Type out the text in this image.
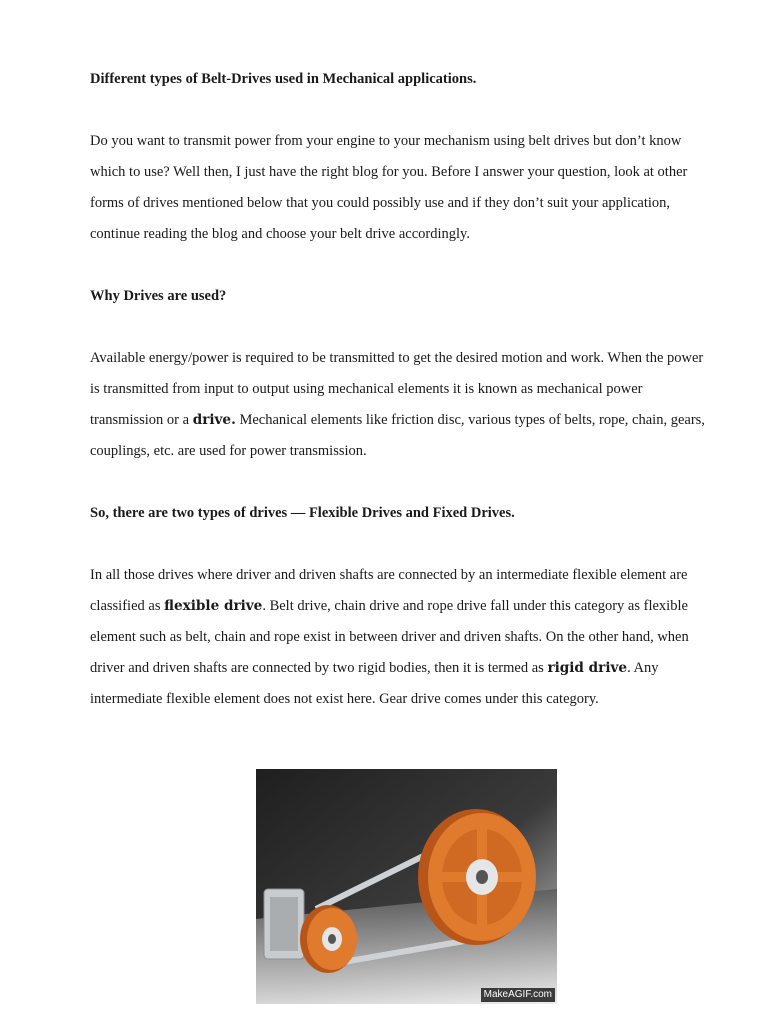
Different types of Belt-Drives used in Mechanical applications.
Do you want to transmit power from your engine to your mechanism using belt drives but don’t know
which to use? Well then, I just have the right blog for you. Before I answer your question, look at other
forms of drives mentioned below that you could possibly use and if they don’t suit your application,
continue reading the blog and choose your belt drive accordingly.
Why Drives are used?
Available energy/power is required to be transmitted to get the desired motion and work. When the power
is transmitted from input to output using mechanical elements it is known as mechanical power
transmission or a drive. Mechanical elements like friction disc, various types of belts, rope, chain, gears,
couplings, etc. are used for power transmission.
So, there are two types of drives — Flexible Drives and Fixed Drives.
In all those drives where driver and driven shafts are connected by an intermediate flexible element are
classified as flexible drive. Belt drive, chain drive and rope drive fall under this category as flexible
element such as belt, chain and rope exist in between driver and driven shafts. On the other hand, when
driver and driven shafts are connected by two rigid bodies, then it is termed as rigid drive. Any
intermediate flexible element does not exist here. Gear drive comes under this category.
MakeAGIF.com
